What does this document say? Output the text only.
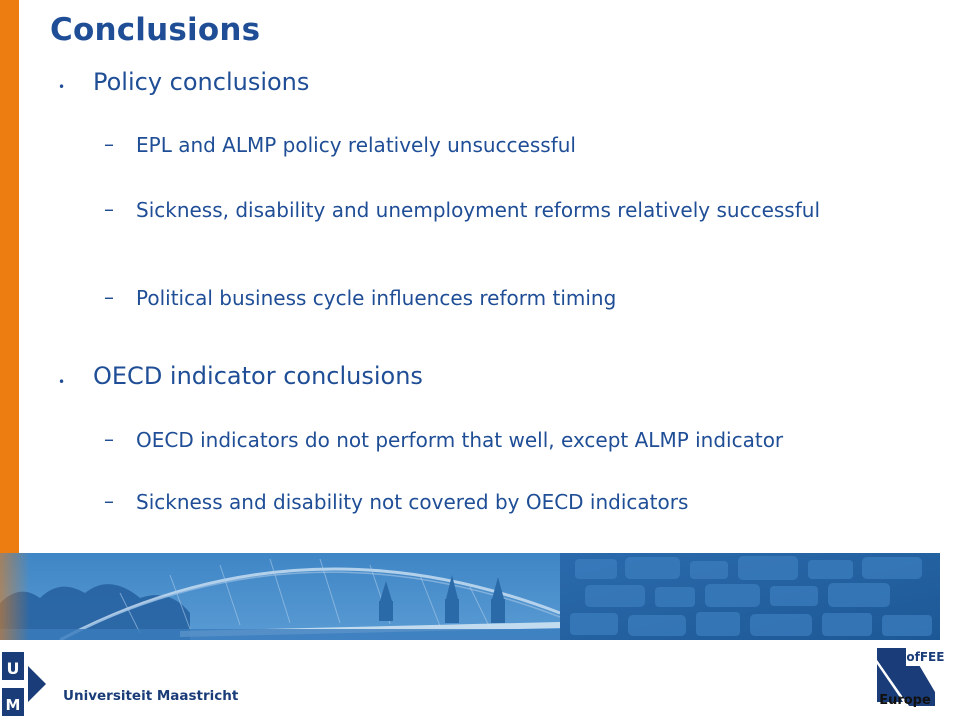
Conclusions
• Policy conclusions
– EPL and ALMP policy relatively unsuccessful
– Sickness, disability and unemployment reforms relatively successful
– Political business cycle influences reform timing
• OECD indicator conclusions
– OECD indicators do not perform that well, except ALMP indicator
– Sickness and disability not covered by OECD indicators
U
M	Universiteit Maastricht
CofFEE
Europe
